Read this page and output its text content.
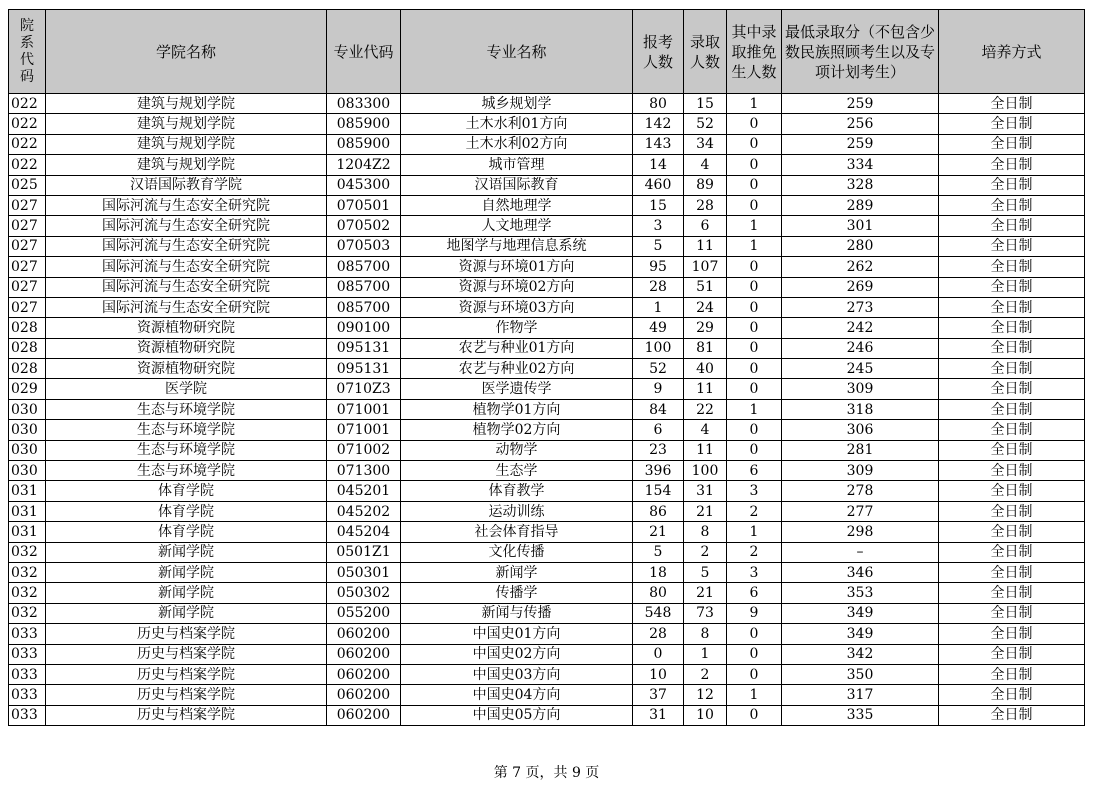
院系代码	学院名称	专业代码	专业名称	报考人数	录取人数	其中录取推免生人数	最低录取分（不包含少数民族照顾考生以及专项计划考生）	培养方式
022	建筑与规划学院	083300	城乡规划学	80	15	1	259	全日制
022	建筑与规划学院	085900	土木水利01方向	142	52	0	256	全日制
022	建筑与规划学院	085900	土木水利02方向	143	34	0	259	全日制
022	建筑与规划学院	1204Z2	城市管理	14	4	0	334	全日制
025	汉语国际教育学院	045300	汉语国际教育	460	89	0	328	全日制
027	国际河流与生态安全研究院	070501	自然地理学	15	28	0	289	全日制
027	国际河流与生态安全研究院	070502	人文地理学	3	6	1	301	全日制
027	国际河流与生态安全研究院	070503	地图学与地理信息系统	5	11	1	280	全日制
027	国际河流与生态安全研究院	085700	资源与环境01方向	95	107	0	262	全日制
027	国际河流与生态安全研究院	085700	资源与环境02方向	28	51	0	269	全日制
027	国际河流与生态安全研究院	085700	资源与环境03方向	1	24	0	273	全日制
028	资源植物研究院	090100	作物学	49	29	0	242	全日制
028	资源植物研究院	095131	农艺与种业01方向	100	81	0	246	全日制
028	资源植物研究院	095131	农艺与种业02方向	52	40	0	245	全日制
029	医学院	0710Z3	医学遗传学	9	11	0	309	全日制
030	生态与环境学院	071001	植物学01方向	84	22	1	318	全日制
030	生态与环境学院	071001	植物学02方向	6	4	0	306	全日制
030	生态与环境学院	071002	动物学	23	11	0	281	全日制
030	生态与环境学院	071300	生态学	396	100	6	309	全日制
031	体育学院	045201	体育教学	154	31	3	278	全日制
031	体育学院	045202	运动训练	86	21	2	277	全日制
031	体育学院	045204	社会体育指导	21	8	1	298	全日制
032	新闻学院	0501Z1	文化传播	5	2	2	–	全日制
032	新闻学院	050301	新闻学	18	5	3	346	全日制
032	新闻学院	050302	传播学	80	21	6	353	全日制
032	新闻学院	055200	新闻与传播	548	73	9	349	全日制
033	历史与档案学院	060200	中国史01方向	28	8	0	349	全日制
033	历史与档案学院	060200	中国史02方向	0	1	0	342	全日制
033	历史与档案学院	060200	中国史03方向	10	2	0	350	全日制
033	历史与档案学院	060200	中国史04方向	37	12	1	317	全日制
033	历史与档案学院	060200	中国史05方向	31	10	0	335	全日制
第 7 页，共 9 页
